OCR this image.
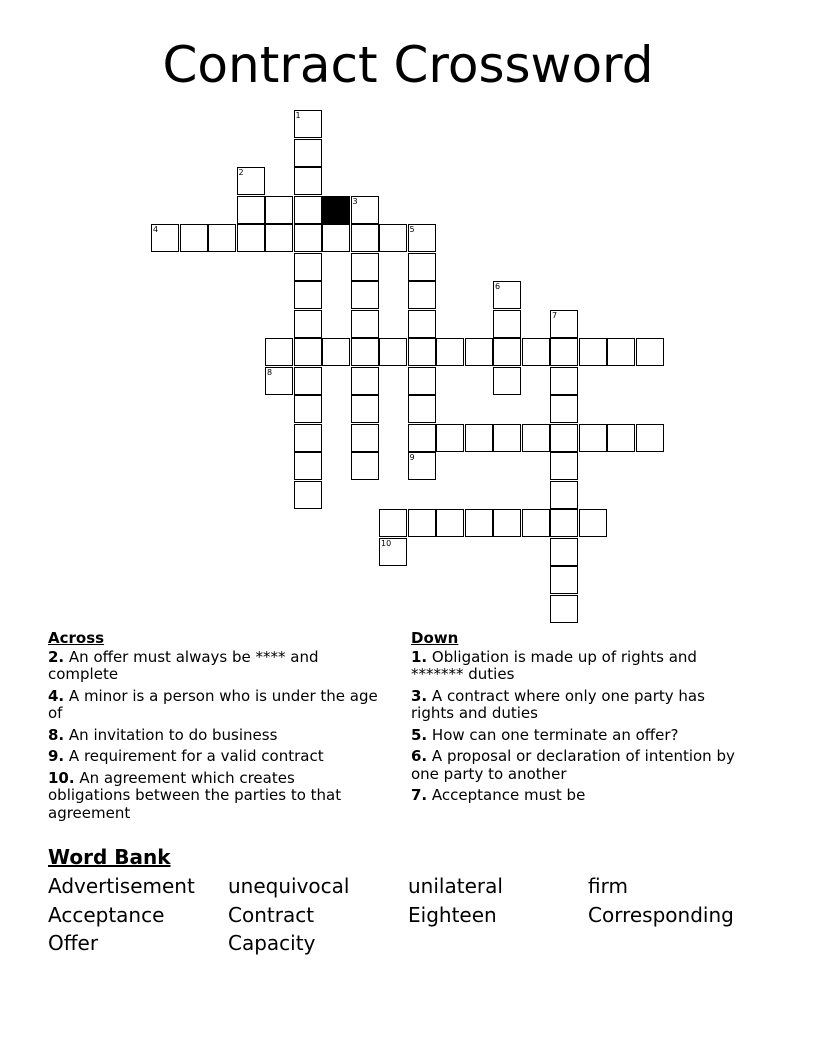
Contract Crossword
4	5
6
7
1
2
3
8
9
10
Across
2. An offer must always be **** and complete
4. A minor is a person who is under the age of
8. An invitation to do business
9. A requirement for a valid contract
10. An agreement which creates obligations between the parties to that agreement
Down
1. Obligation is made up of rights and ******* duties
3. A contract where only one party has rights and duties
5. How can one terminate an offer?
6. A proposal or declaration of intention by one party to another
7. Acceptance must be
Word Bank
Advertisement	unequivocal	unilateral	firm
Acceptance	Contract	Eighteen	Corresponding
Offer	Capacity
